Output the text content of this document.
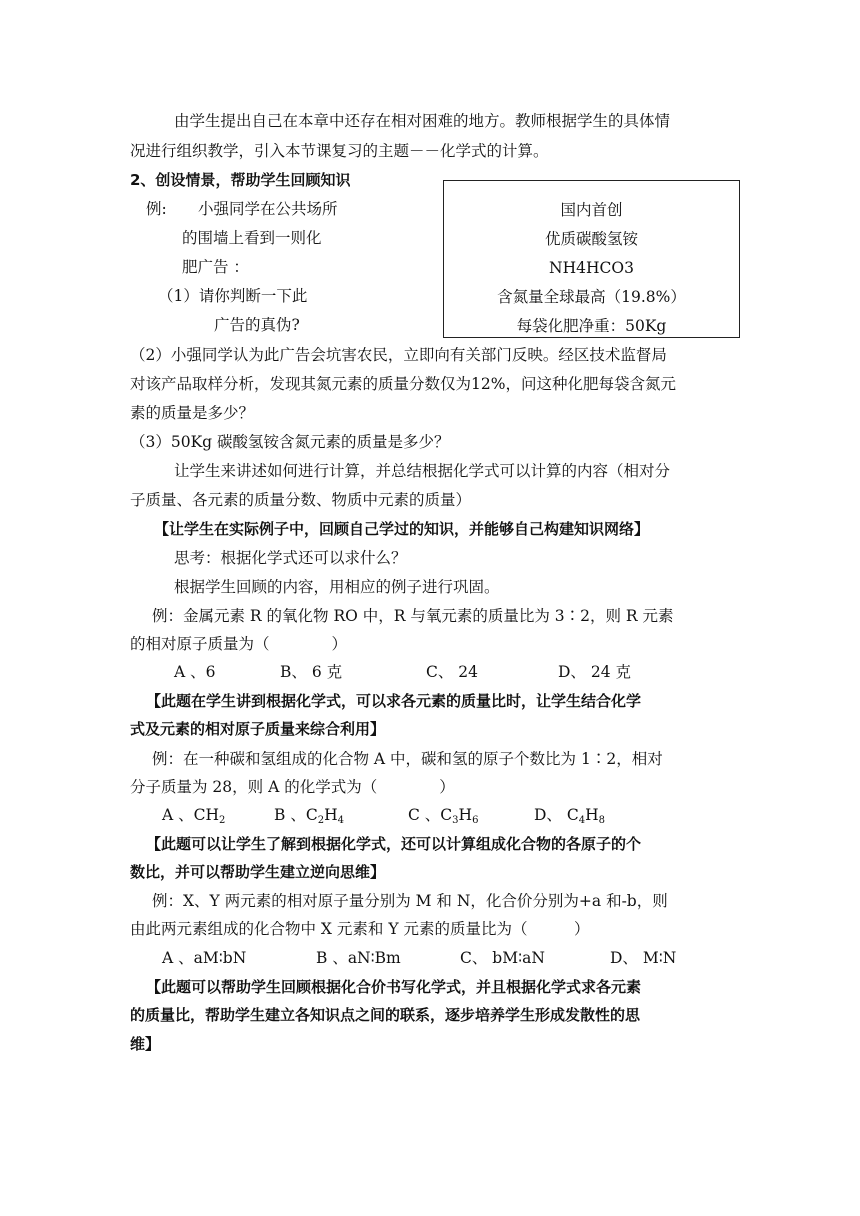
由学生提出自己在本章中还存在相对困难的地方。教师根据学生的具体情
况进行组织教学，引入本节课复习的主题－－化学式的计算。
2、创设情景，帮助学生回顾知识
例: 小强同学在公共场所
的围墙上看到一则化
肥广告 ：
（1）请你判断一下此
广告的真伪?
国内首创
优质碳酸氢铵
NH4HCO3
含氮量全球最高（19.8%）
每袋化肥净重：50Kg
（2）小强同学认为此广告会坑害农民，立即向有关部门反映。经区技术监督局
对该产品取样分析，发现其氮元素的质量分数仅为12%，问这种化肥每袋含氮元
素的质量是多少？
（3）50Kg 碳酸氢铵含氮元素的质量是多少？
让学生来讲述如何进行计算，并总结根据化学式可以计算的内容（相对分
子质量、各元素的质量分数、物质中元素的质量）
【让学生在实际例子中，回顾自己学过的知识，并能够自己构建知识网络】
思考：根据化学式还可以求什么？
根据学生回顾的内容，用相应的例子进行巩固。
例：金属元素 R 的氧化物 RO 中，R 与氧元素的质量比为 3∶2，则 R 元素
的相对原子质量为（　　　　）
A 、6	B、 6 克	C、 24	D、 24 克
【此题在学生讲到根据化学式，可以求各元素的质量比时，让学生结合化学
式及元素的相对原子质量来综合利用】
例：在一种碳和氢组成的化合物 A 中，碳和氢的原子个数比为 1∶2，相对
分子质量为 28，则 A 的化学式为（　　　　）
A 、$CH_2$	B 、$C_2H_4$	C 、$C_3H_6$	D、 $C_4H_8$
【此题可以让学生了解到根据化学式，还可以计算组成化合物的各原子的个
数比，并可以帮助学生建立逆向思维】
例：X、Y 两元素的相对原子量分别为 M 和 N，化合价分别为+a 和-b，则
由此两元素组成的化合物中 X 元素和 Y 元素的质量比为（　　　）
A 、aM∶bN	B 、aN∶Bm	C、 bM∶aN	D、 M∶N
【此题可以帮助学生回顾根据化合价书写化学式，并且根据化学式求各元素
的质量比，帮助学生建立各知识点之间的联系，逐步培养学生形成发散性的思
维】
